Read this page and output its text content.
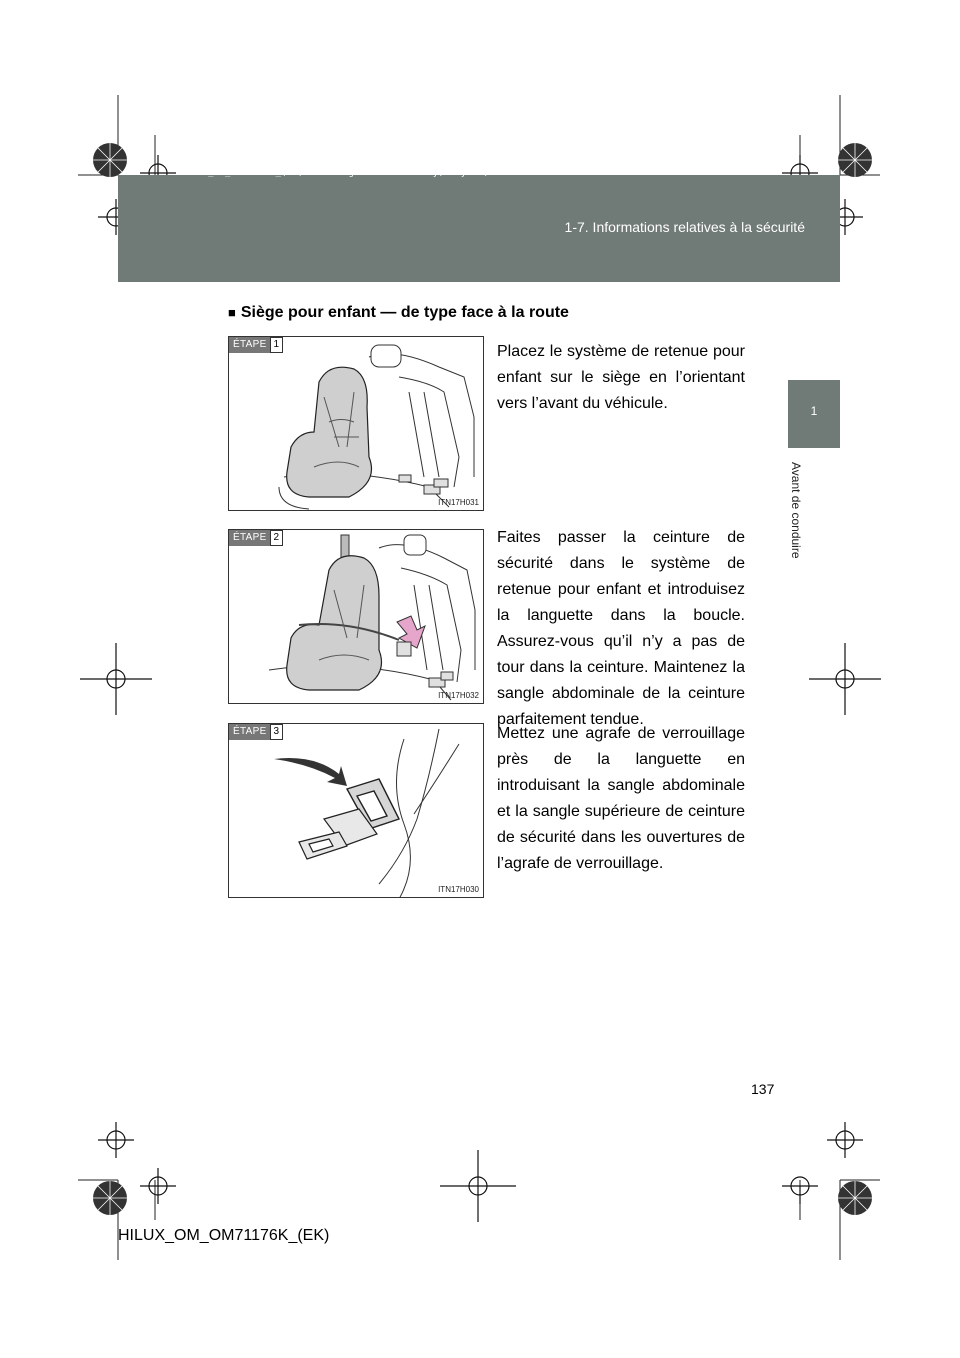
HILUX_OM_OM71176K_(EK).book Page 137 Wednesday, May 16, 2012 2:32 PM
1-7. Informations relatives à la sécurité
1
Avant de conduire
■ Siège pour enfant — de type face à la route
ÉTAPE 1
ITN17H031
Placez le système de retenue pour enfant sur le siège en l’orientant vers l’avant du véhicule.
ÉTAPE 2
ITN17H032
Faites passer la ceinture de sécurité dans le système de retenue pour enfant et introduisez la languette dans la boucle. Assurez-vous qu’il n’y a pas de tour dans la ceinture. Maintenez la sangle abdominale de la ceinture parfaitement tendue.
ÉTAPE 3
ITN17H030
Mettez une agrafe de verrouillage près de la languette en introduisant la sangle abdominale et la sangle supérieure de ceinture de sécurité dans les ouvertures de l’agrafe de verrouillage.
137
HILUX_OM_OM71176K_(EK)
